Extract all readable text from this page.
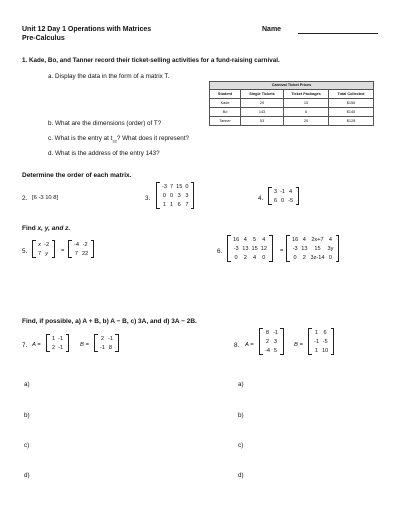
Unit 12 Day 1 Operations with Matrices
Pre-Calculus
Name
1. Kade, Bo, and Tanner record their ticket-selling activities for a fund-raising carnival.
a. Display the data in the form of a matrix T.
b. What are the dimensions (order) of T?
c. What is the entry at $t_{32}$? What does it represent?
d. What is the address of the entry 143?
Carnival Ticket Prices
Student	Single Tickets	Ticket Packages	Total Collected
Kade	29	15	$156
Bo	143	6	$145
Tanner	53	20	$128
Determine the order of each matrix.
2. [6 -3 10 8]	3.
-3 7 15 0
0 0 3 3
1 1 6 7
4.
3 -1 4
6 0 -5
Find x, y, and z.
5.
x -2
7 y =
-4 -2
7 22	6.
16 4 5 4
-3 13 15 12
0 2 4 0
=
16 4 2x+7 4
-3 13 15 3y
0 2 3z-14 0
Find, if possible, a) A + B, b) A − B, c) 3A, and d) 3A − 2B.
7. A =
1 -1
2 -1	B =
2 -1
-1 8	8. A =
8 -1
2 3
-4 5
B =
1 6
-1 -5
1 10
a)
b)
c)
d)
a)
b)
c)
d)
